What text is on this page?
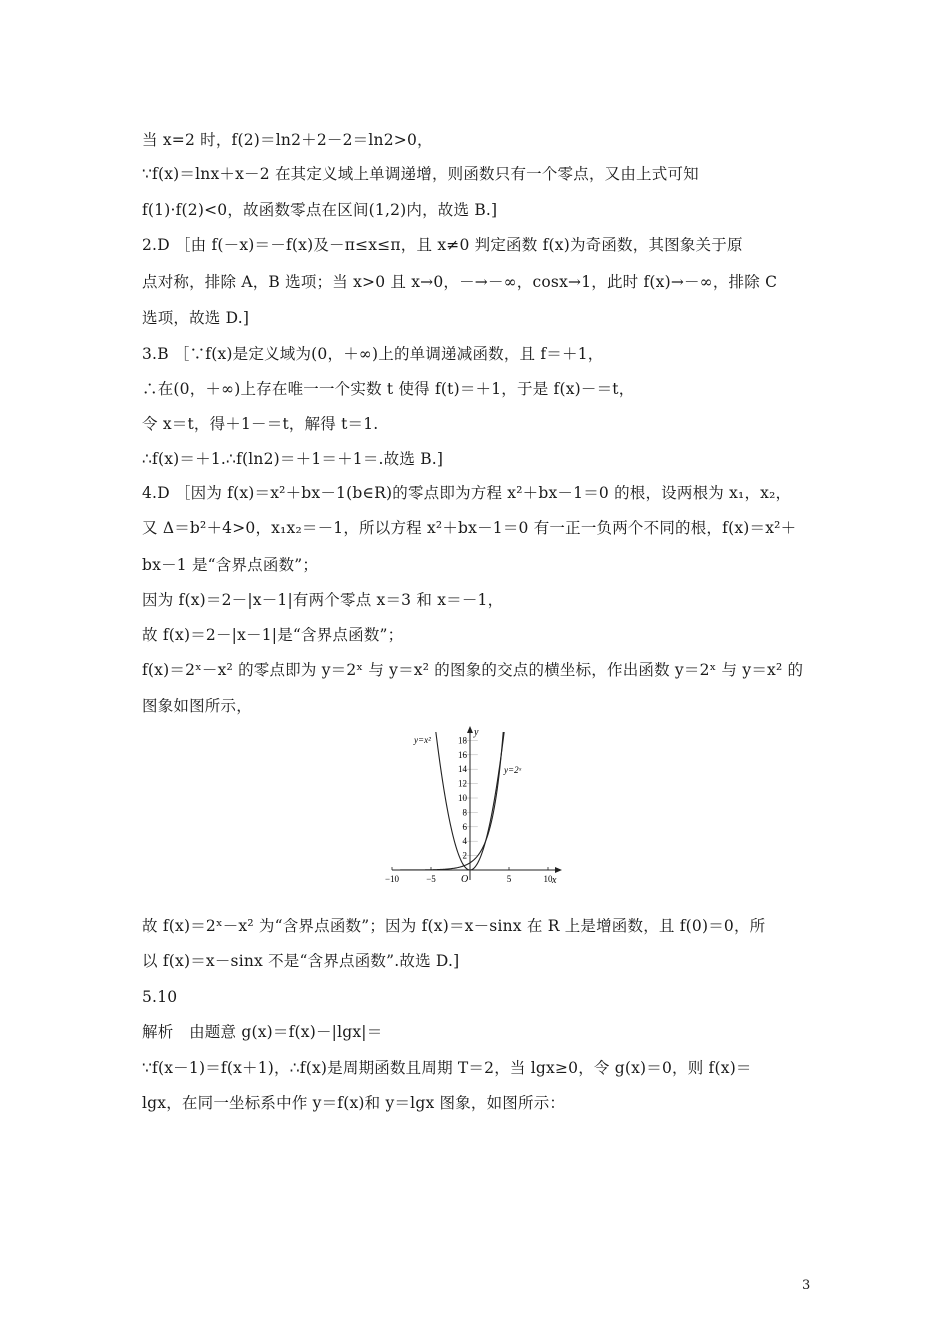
当 x=2 时，f(2)＝ln2＋2－2＝ln2>0，
∵f(x)＝lnx＋x－2 在其定义域上单调递增，则函数只有一个零点，又由上式可知
f(1)·f(2)<0，故函数零点在区间(1,2)内，故选 B.]
2.D ［由 f(－x)＝－f(x)及－π≤x≤π，且 x≠0 判定函数 f(x)为奇函数，其图象关于原
点对称，排除 A，B 选项；当 x>0 且 x→0，－→－∞，cosx→1，此时 f(x)→－∞，排除 C
选项，故选 D.]
3.B ［∵f(x)是定义域为(0，＋∞)上的单调递减函数，且 f＝＋1，
∴在(0，＋∞)上存在唯一一个实数 t 使得 f(t)＝＋1，于是 f(x)－＝t，
令 x＝t，得＋1－＝t，解得 t＝1.
∴f(x)＝＋1.∴f(ln2)＝＋1＝＋1＝.故选 B.]
4.D ［因为 f(x)＝x²＋bx－1(b∈R)的零点即为方程 x²＋bx－1＝0 的根，设两根为 x₁，x₂，
又 Δ＝b²＋4>0，x₁x₂＝－1，所以方程 x²＋bx－1＝0 有一正一负两个不同的根，f(x)＝x²＋
bx－1 是“含界点函数”；
因为 f(x)＝2－|x－1|有两个零点 x＝3 和 x＝－1，
故 f(x)＝2－|x－1|是“含界点函数”；
f(x)＝2ˣ－x² 的零点即为 y＝2ˣ 与 y＝x² 的图象的交点的横坐标，作出函数 y＝2ˣ 与 y＝x² 的
图象如图所示，
−10	−5	5	10
2
4
6
8
10
12
14
16
18
y=x²
y=2ˣ
x
y
O
故 f(x)＝2ˣ－x² 为“含界点函数”；因为 f(x)＝x－sinx 在 R 上是增函数，且 f(0)＝0，所
以 f(x)＝x－sinx 不是“含界点函数”.故选 D.]
5.10
解析　由题意 g(x)＝f(x)－|lgx|＝
∵f(x－1)＝f(x＋1)，∴f(x)是周期函数且周期 T＝2，当 lgx≥0，令 g(x)＝0，则 f(x)＝
lgx，在同一坐标系中作 y＝f(x)和 y＝lgx 图象，如图所示：
3
